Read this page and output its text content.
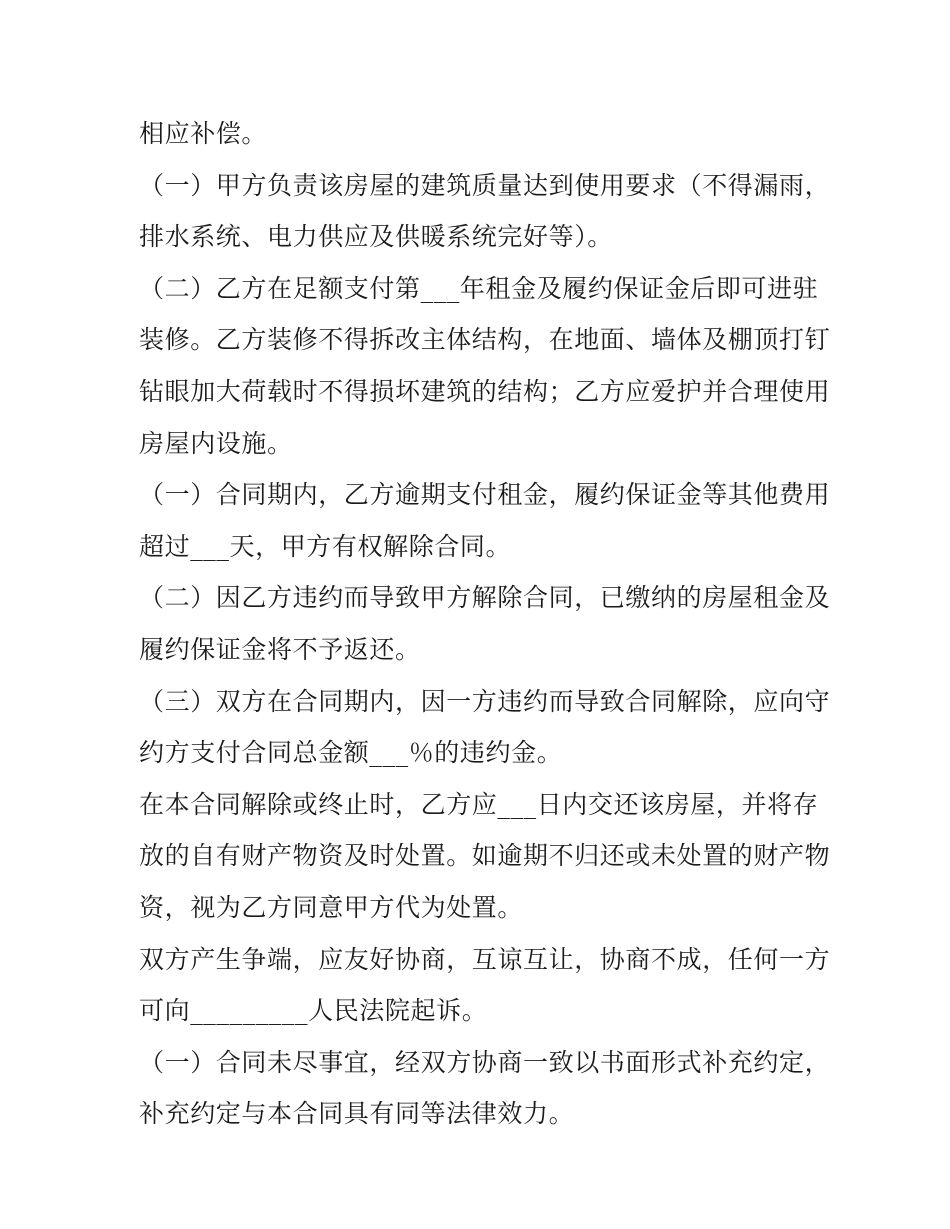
相应补偿。
（一）甲方负责该房屋的建筑质量达到使用要求（不得漏雨，
排水系统、电力供应及供暖系统完好等）。
（二）乙方在足额支付第___年租金及履约保证金后即可进驻
装修。乙方装修不得拆改主体结构，在地面、墙体及棚顶打钉
钻眼加大荷载时不得损坏建筑的结构；乙方应爱护并合理使用
房屋内设施。
（一）合同期内，乙方逾期支付租金，履约保证金等其他费用
超过___天，甲方有权解除合同。
（二）因乙方违约而导致甲方解除合同，已缴纳的房屋租金及
履约保证金将不予返还。
（三）双方在合同期内，因一方违约而导致合同解除，应向守
约方支付合同总金额___％的违约金。
在本合同解除或终止时，乙方应___日内交还该房屋，并将存
放的自有财产物资及时处置。如逾期不归还或未处置的财产物
资，视为乙方同意甲方代为处置。
双方产生争端，应友好协商，互谅互让，协商不成，任何一方
可向_________人民法院起诉。
（一）合同未尽事宜，经双方协商一致以书面形式补充约定，
补充约定与本合同具有同等法律效力。
